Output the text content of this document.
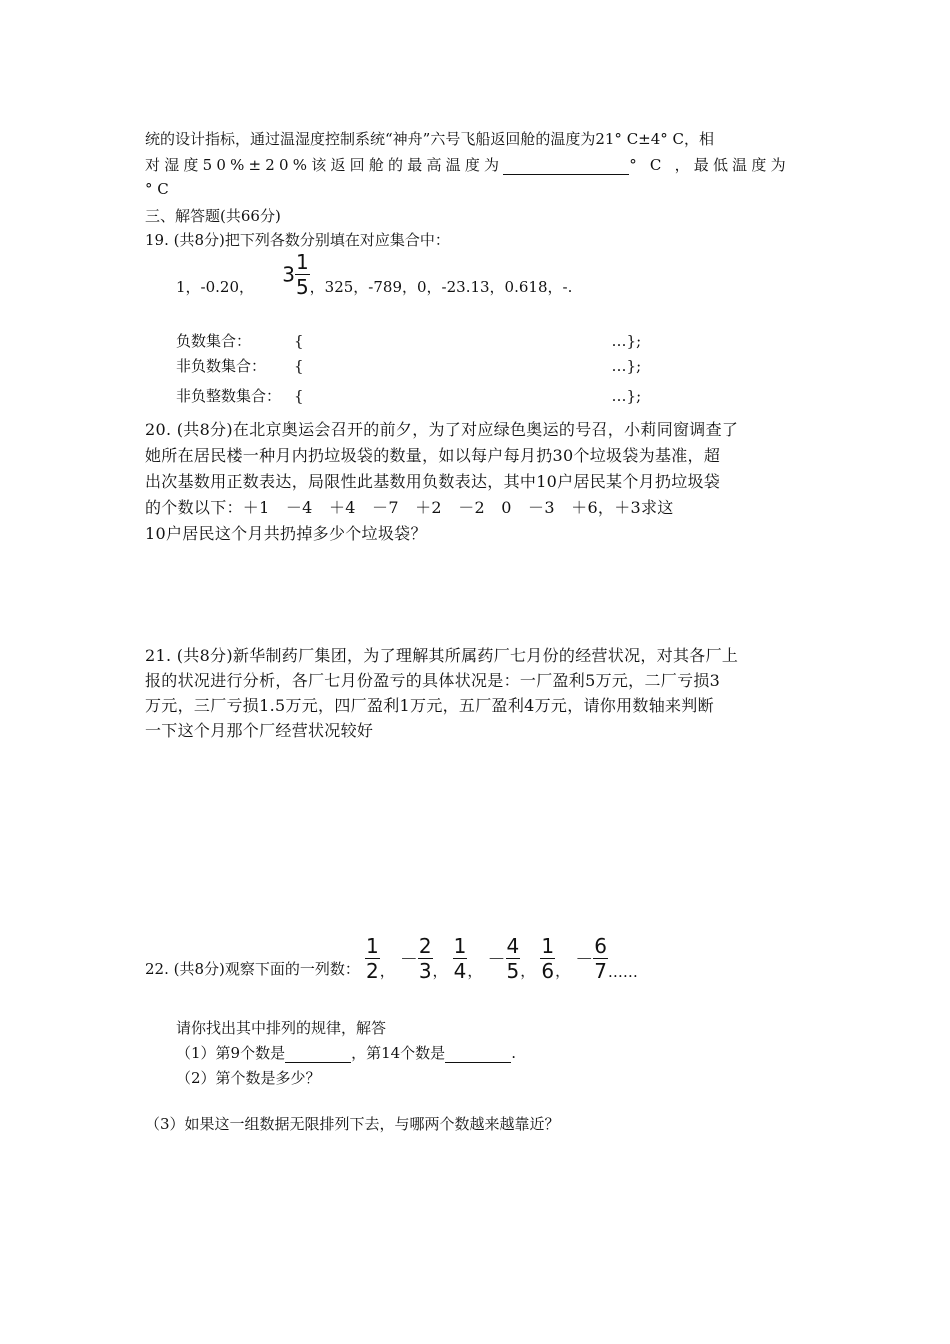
统的设计指标，通过温湿度控制系统“神舟”六号飞船返回舱的温度为21° C±4° C，相
对湿度50%±20%该返回舱的最高温度为	° C ，最低温度为
° C
三、解答题(共66分)
19. (共8分)把下列各数分别填在对应集合中：
1，-0.20，  $3 \frac{1}{5}$ ，325，-789，0，-23.13，0.618，-.
负数集合：	{	…};
非负数集合： {	…};
非负整数集合： {	…};
20. (共8分)在北京奥运会召开的前夕，为了对应绿色奥运的号召，小莉同窗调查了
她所在居民楼一种月内扔垃圾袋的数量，如以每户每月扔30个垃圾袋为基准，超
出次基数用正数表达，局限性此基数用负数表达，其中10户居民某个月扔垃圾袋
的个数以下：＋1　－4　＋4　－7　＋2　－2　0　－3　＋6，＋3求这
10户居民这个月共扔掉多少个垃圾袋？
21. (共8分)新华制药厂集团，为了理解其所属药厂七月份的经营状况，对其各厂上
报的状况进行分析，各厂七月份盈亏的具体状况是：一厂盈利5万元，二厂亏损3
万元，三厂亏损1.5万元，四厂盈利1万元，五厂盈利4万元，请你用数轴来判断
一下这个月那个厂经营状况较好
22. (共8分)观察下面的一列数： $\frac{1}{2}$ ， － $\frac{2}{3}$ ， $\frac{1}{4}$ ， － $\frac{4}{5}$ ， $\frac{1}{6}$ ， － $\frac{6}{7}$ ……
请你找出其中排列的规律，解答
（1）第9个数是	，第14个数是	.
（2）第个数是多少？
（3）如果这一组数据无限排列下去，与哪两个数越来越靠近？
